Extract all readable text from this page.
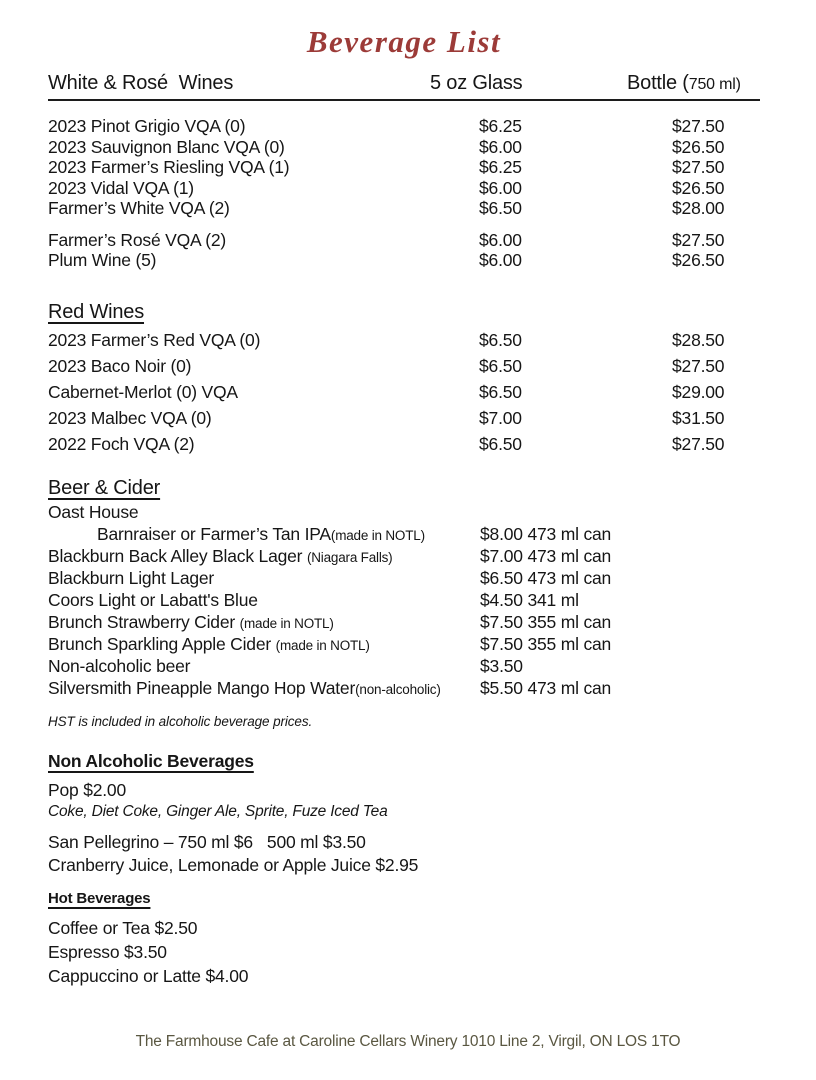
Beverage List
White & Rosé  Wines	5 oz Glass	Bottle (750 ml)
2023 Pinot Grigio VQA (0)	$6.25	$27.50
2023 Sauvignon Blanc VQA (0)	$6.00	$26.50
2023 Farmer’s Riesling VQA (1)	$6.25	$27.50
2023 Vidal VQA (1)	$6.00	$26.50
Farmer’s White VQA (2)	$6.50	$28.00
Farmer’s Rosé VQA (2)	$6.00	$27.50
Plum Wine (5)	$6.00	$26.50
Red Wines
2023 Farmer’s Red VQA (0)	$6.50	$28.50
2023 Baco Noir (0)	$6.50	$27.50
Cabernet-Merlot (0) VQA	$6.50	$29.00
2023 Malbec VQA (0)	$7.00	$31.50
2022 Foch VQA (2)	$6.50	$27.50
Beer & Cider
Oast House
Barnraiser or Farmer’s Tan IPA(made in NOTL)	$8.00 473 ml can
Blackburn Back Alley Black Lager (Niagara Falls)	$7.00 473 ml can
Blackburn Light Lager	$6.50 473 ml can
Coors Light or Labatt's Blue	$4.50 341 ml
Brunch Strawberry Cider (made in NOTL)	$7.50 355 ml can
Brunch Sparkling Apple Cider (made in NOTL)	$7.50 355 ml can
Non-alcoholic beer	$3.50
Silversmith Pineapple Mango Hop Water(non-alcoholic)	$5.50 473 ml can
HST is included in alcoholic beverage prices.
Non Alcoholic Beverages
Pop $2.00
Coke, Diet Coke, Ginger Ale, Sprite, Fuze Iced Tea
San Pellegrino – 750 ml $6   500 ml $3.50
Cranberry Juice, Lemonade or Apple Juice $2.95
Hot Beverages
Coffee or Tea $2.50
Espresso $3.50
Cappuccino or Latte $4.00
The Farmhouse Cafe at Caroline Cellars Winery 1010 Line 2, Virgil, ON LOS 1TO
